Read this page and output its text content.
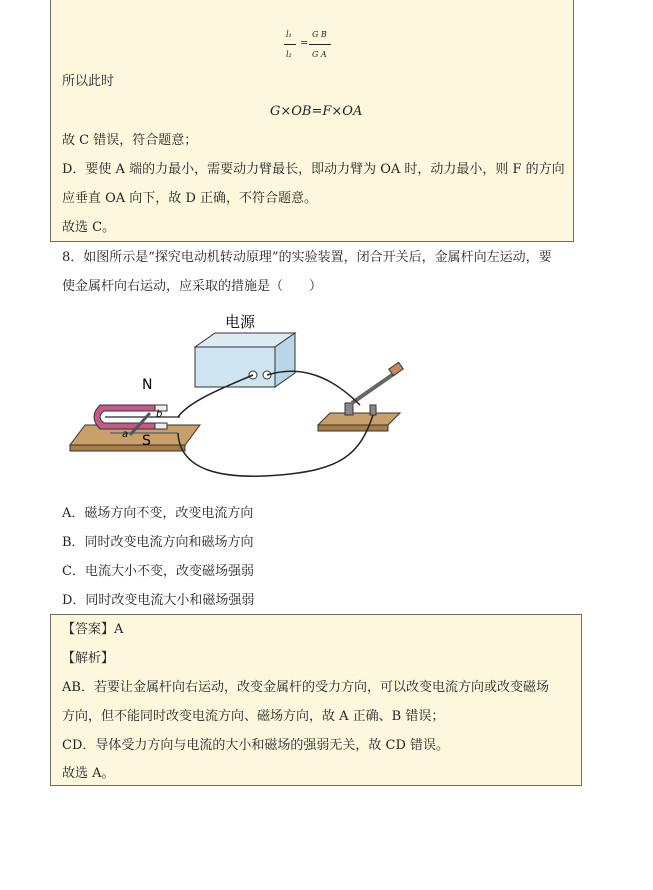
l₁
l₂
=
G B
G A
所以此时
G×OB=F×OA
故 C 错误，符合题意；
D．要使 A 端的力最小，需要动力臂最长，即动力臂为 OA 时，动力最小，则 F 的方向
应垂直 OA 向下，故 D 正确，不符合题意。
故选 C。
8．如图所示是“探究电动机转动原理”的实验装置，闭合开关后，金属杆向左运动，要
使金属杆向右运动，应采取的措施是（　　）
电源
N
S
a
b
A．磁场方向不变，改变电流方向
B．同时改变电流方向和磁场方向
C．电流大小不变，改变磁场强弱
D．同时改变电流大小和磁场强弱
【答案】A
【解析】
AB．若要让金属杆向右运动，改变金属杆的受力方向，可以改变电流方向或改变磁场
方向，但不能同时改变电流方向、磁场方向，故 A 正确、B 错误；
CD．导体受力方向与电流的大小和磁场的强弱无关，故 CD 错误。
故选 A。
